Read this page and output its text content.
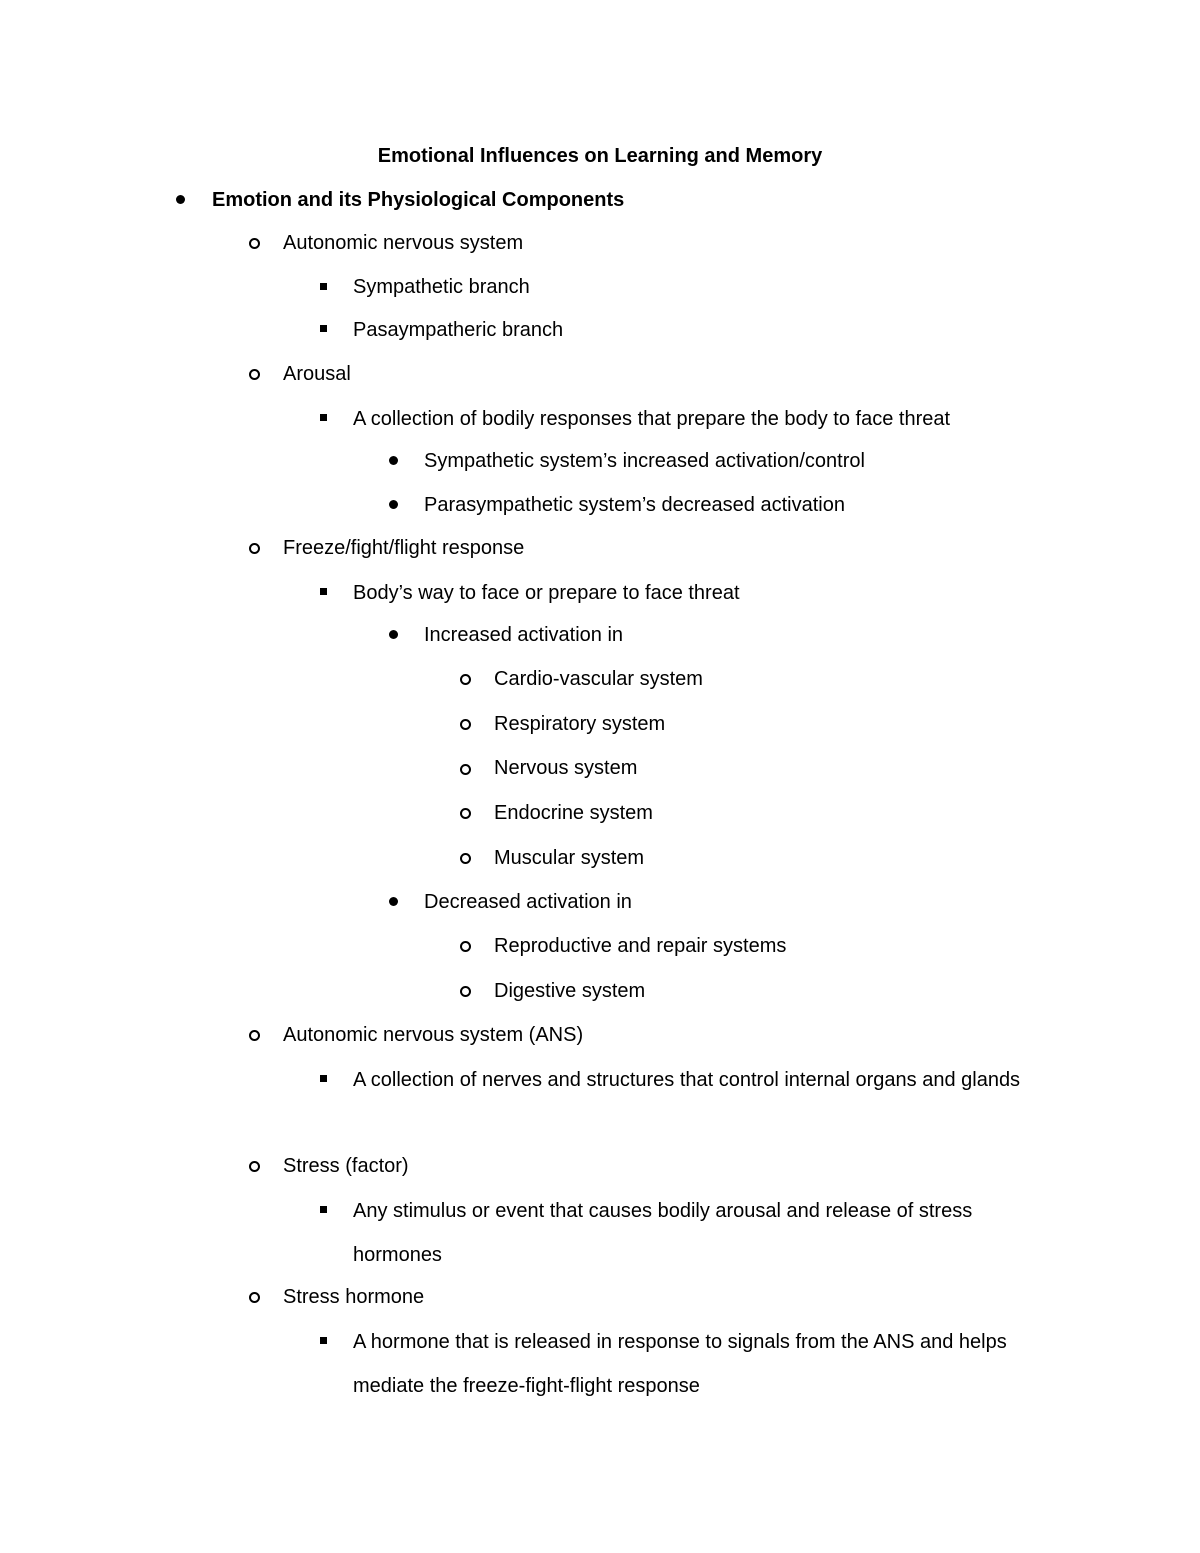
Emotional Influences on Learning and Memory
Emotion and its Physiological Components
Autonomic nervous system
Sympathetic branch
Pasaympatheric branch
Arousal
A collection of bodily responses that prepare the body to face threat
Sympathetic system’s increased activation/control
Parasympathetic system’s decreased activation
Freeze/fight/flight response
Body’s way to face or prepare to face threat
Increased activation in
Cardio-vascular system
Respiratory system
Nervous system
Endocrine system
Muscular system
Decreased activation in
Reproductive and repair systems
Digestive system
Autonomic nervous system (ANS)
A collection of nerves and structures that control internal organs and glands
Stress (factor)
Any stimulus or event that causes bodily arousal and release of stress hormones
Stress hormone
A hormone that is released in response to signals from the ANS and helps mediate the freeze-fight-flight response
